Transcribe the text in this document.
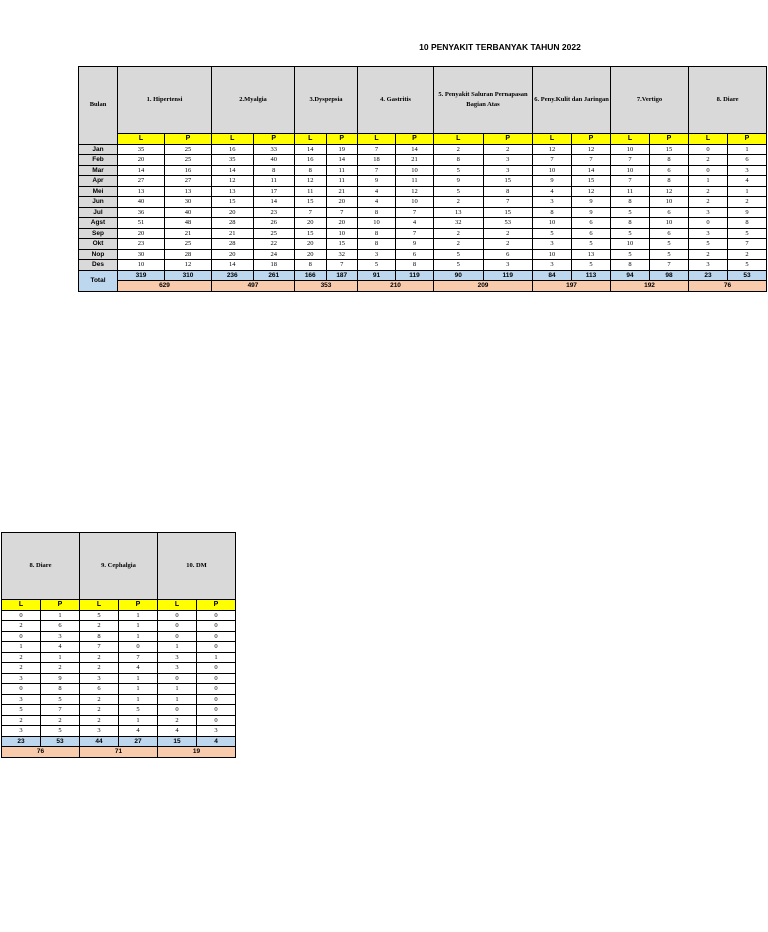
10 PENYAKIT TERBANYAK TAHUN 2022
Bulan	1. Hipertensi		2.Myalgia		3.Dyspepsia		4. Gastritis		5. Penyakit Saluran Pernapasan Bagian Atas		6. Peny.Kulit dan Jaringan		7.Vertigo		8. Diare	
	L	P	L	P	L	P	L	P	L	P	L	P	L	P	L	P
Jan	35	25	16	33	14	19	7	14	2	2	12	12	10	15	0	1
Feb	20	25	35	40	16	14	18	21	8	3	7	7	7	8	2	6
Mar	14	16	14	8	8	11	7	10	5	3	10	14	10	6	0	3
Apr	27	27	12	11	12	11	9	11	9	15	9	15	7	8	1	4
Mei	13	13	13	17	11	21	4	12	5	8	4	12	11	12	2	1
Jun	40	30	15	14	15	20	4	10	2	7	3	9	8	10	2	2
Jul	36	40	20	23	7	7	8	7	13	15	8	9	5	6	3	9
Agst	51	48	28	26	20	20	10	4	32	53	10	6	8	10	0	8
Sep	20	21	21	25	15	10	8	7	2	2	5	6	5	6	3	5
Okt	23	25	28	22	20	15	8	9	2	2	3	5	10	5	5	7
Nop	30	28	20	24	20	32	3	6	5	6	10	13	5	5	2	2
Des	10	12	14	18	8	7	5	8	5	3	3	5	8	7	3	5
Total	319	310	236	261	166	187	91	119	90	119	84	113	94	98	23	53
	629		497		353		210		209		197		192		76	
8. Diare		9. Cephalgia		10. DM	
L	P	L	P	L	P
0	1	5	1	0	0
2	6	2	1	0	0
0	3	8	1	0	0
1	4	7	0	1	0
2	1	2	7	3	1
2	2	2	4	3	0
3	9	3	1	0	0
0	8	6	1	1	0
3	5	2	1	1	0
5	7	2	5	0	0
2	2	2	1	2	0
3	5	3	4	4	3
23	53	44	27	15	4
76		71		19	
